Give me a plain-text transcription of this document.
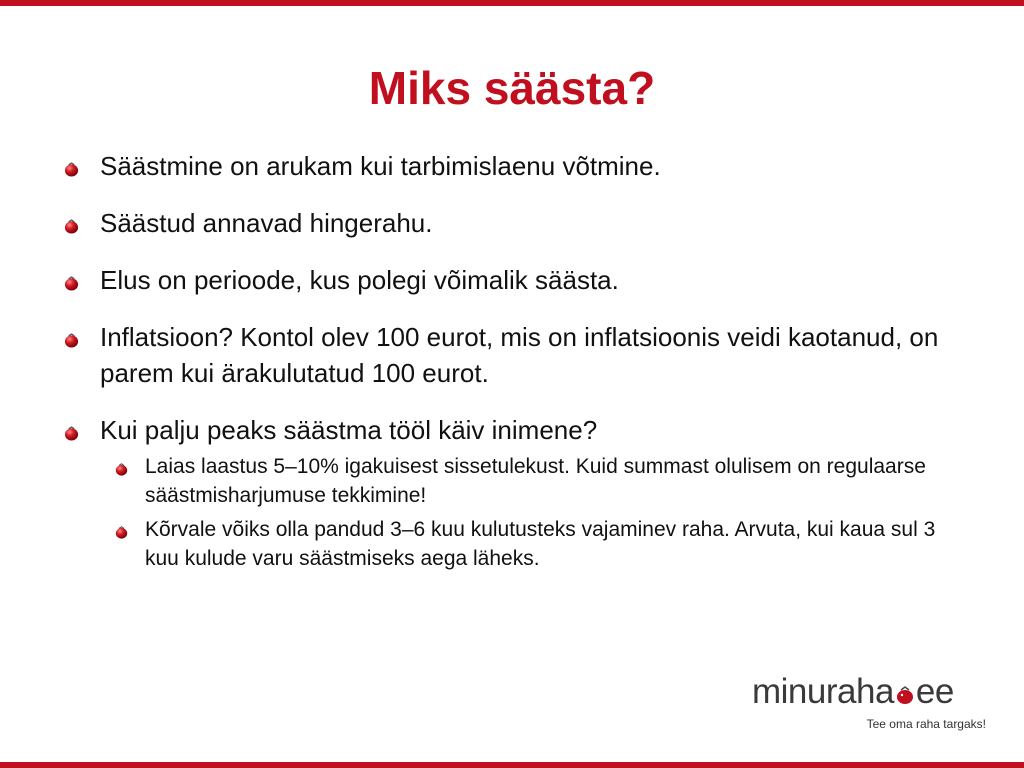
Miks säästa?
Säästmine on arukam kui tarbimislaenu võtmine.
Säästud annavad hingerahu.
Elus on perioode, kus polegi võimalik säästa.
Inflatsioon? Kontol olev 100 eurot, mis on inflatsioonis veidi kaotanud, on parem kui ärakulutatud 100 eurot.
Kui palju peaks säästma tööl käiv inimene?
Laias laastus 5–10% igakuisest sissetulekust. Kuid summast olulisem on regulaarse säästmisharjumuse tekkimine!
Kõrvale võiks olla pandud 3–6 kuu kulutusteks vajaminev raha. Arvuta, kui kaua sul 3 kuu kulude varu säästmiseks aega läheks.
minuraha ee
Tee oma raha targaks!
